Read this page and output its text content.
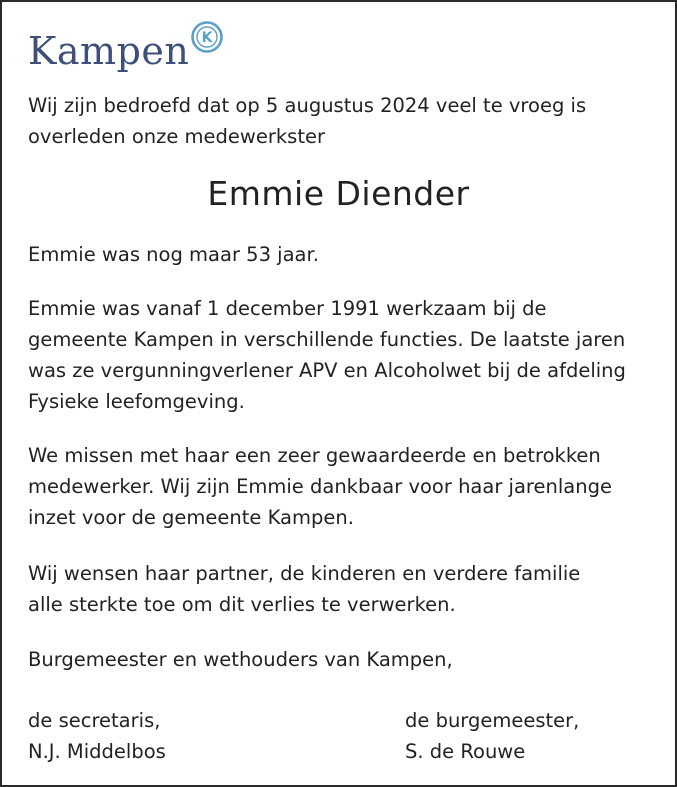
Kampen K

Wij zijn bedroefd dat op 5 augustus 2024 veel te vroeg is
overleden onze medewerkster

Emmie Diender

Emmie was nog maar 53 jaar.

Emmie was vanaf 1 december 1991 werkzaam bij de
gemeente Kampen in verschillende functies. De laatste jaren
was ze vergunningverlener APV en Alcoholwet bij de afdeling
Fysieke leefomgeving.

We missen met haar een zeer gewaardeerde en betrokken
medewerker. Wij zijn Emmie dankbaar voor haar jarenlange
inzet voor de gemeente Kampen.

Wij wensen haar partner, de kinderen en verdere familie
alle sterkte toe om dit verlies te verwerken.

Burgemeester en wethouders van Kampen,

de secretaris,
N.J. Middelbos
de burgemeester,
S. de Rouwe
